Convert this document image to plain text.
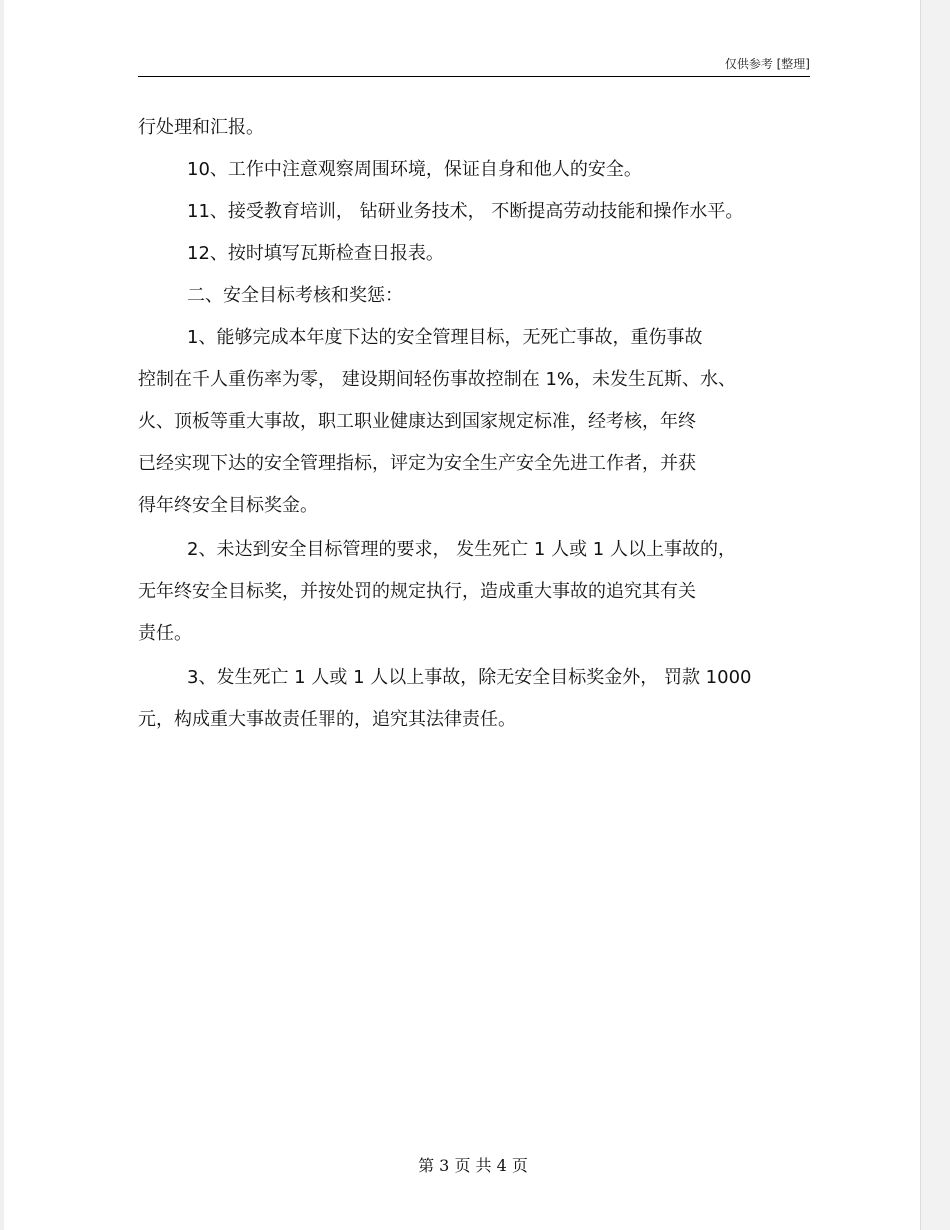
仅供参考 [整理]
行处理和汇报。
10、工作中注意观察周围环境，保证自身和他人的安全。
11、接受教育培训， 钻研业务技术， 不断提高劳动技能和操作水平。
12、按时填写瓦斯检查日报表。
二、安全目标考核和奖惩：
1、能够完成本年度下达的安全管理目标，无死亡事故，重伤事故
控制在千人重伤率为零， 建设期间轻伤事故控制在 1%，未发生瓦斯、水、
火、顶板等重大事故，职工职业健康达到国家规定标准，经考核，年终
已经实现下达的安全管理指标，评定为安全生产安全先进工作者，并获
得年终安全目标奖金。
2、未达到安全目标管理的要求， 发生死亡 1 人或 1 人以上事故的，
无年终安全目标奖，并按处罚的规定执行，造成重大事故的追究其有关
责任。
3、发生死亡 1 人或 1 人以上事故，除无安全目标奖金外， 罚款 1000
元，构成重大事故责任罪的，追究其法律责任。
第 3 页 共 4 页
